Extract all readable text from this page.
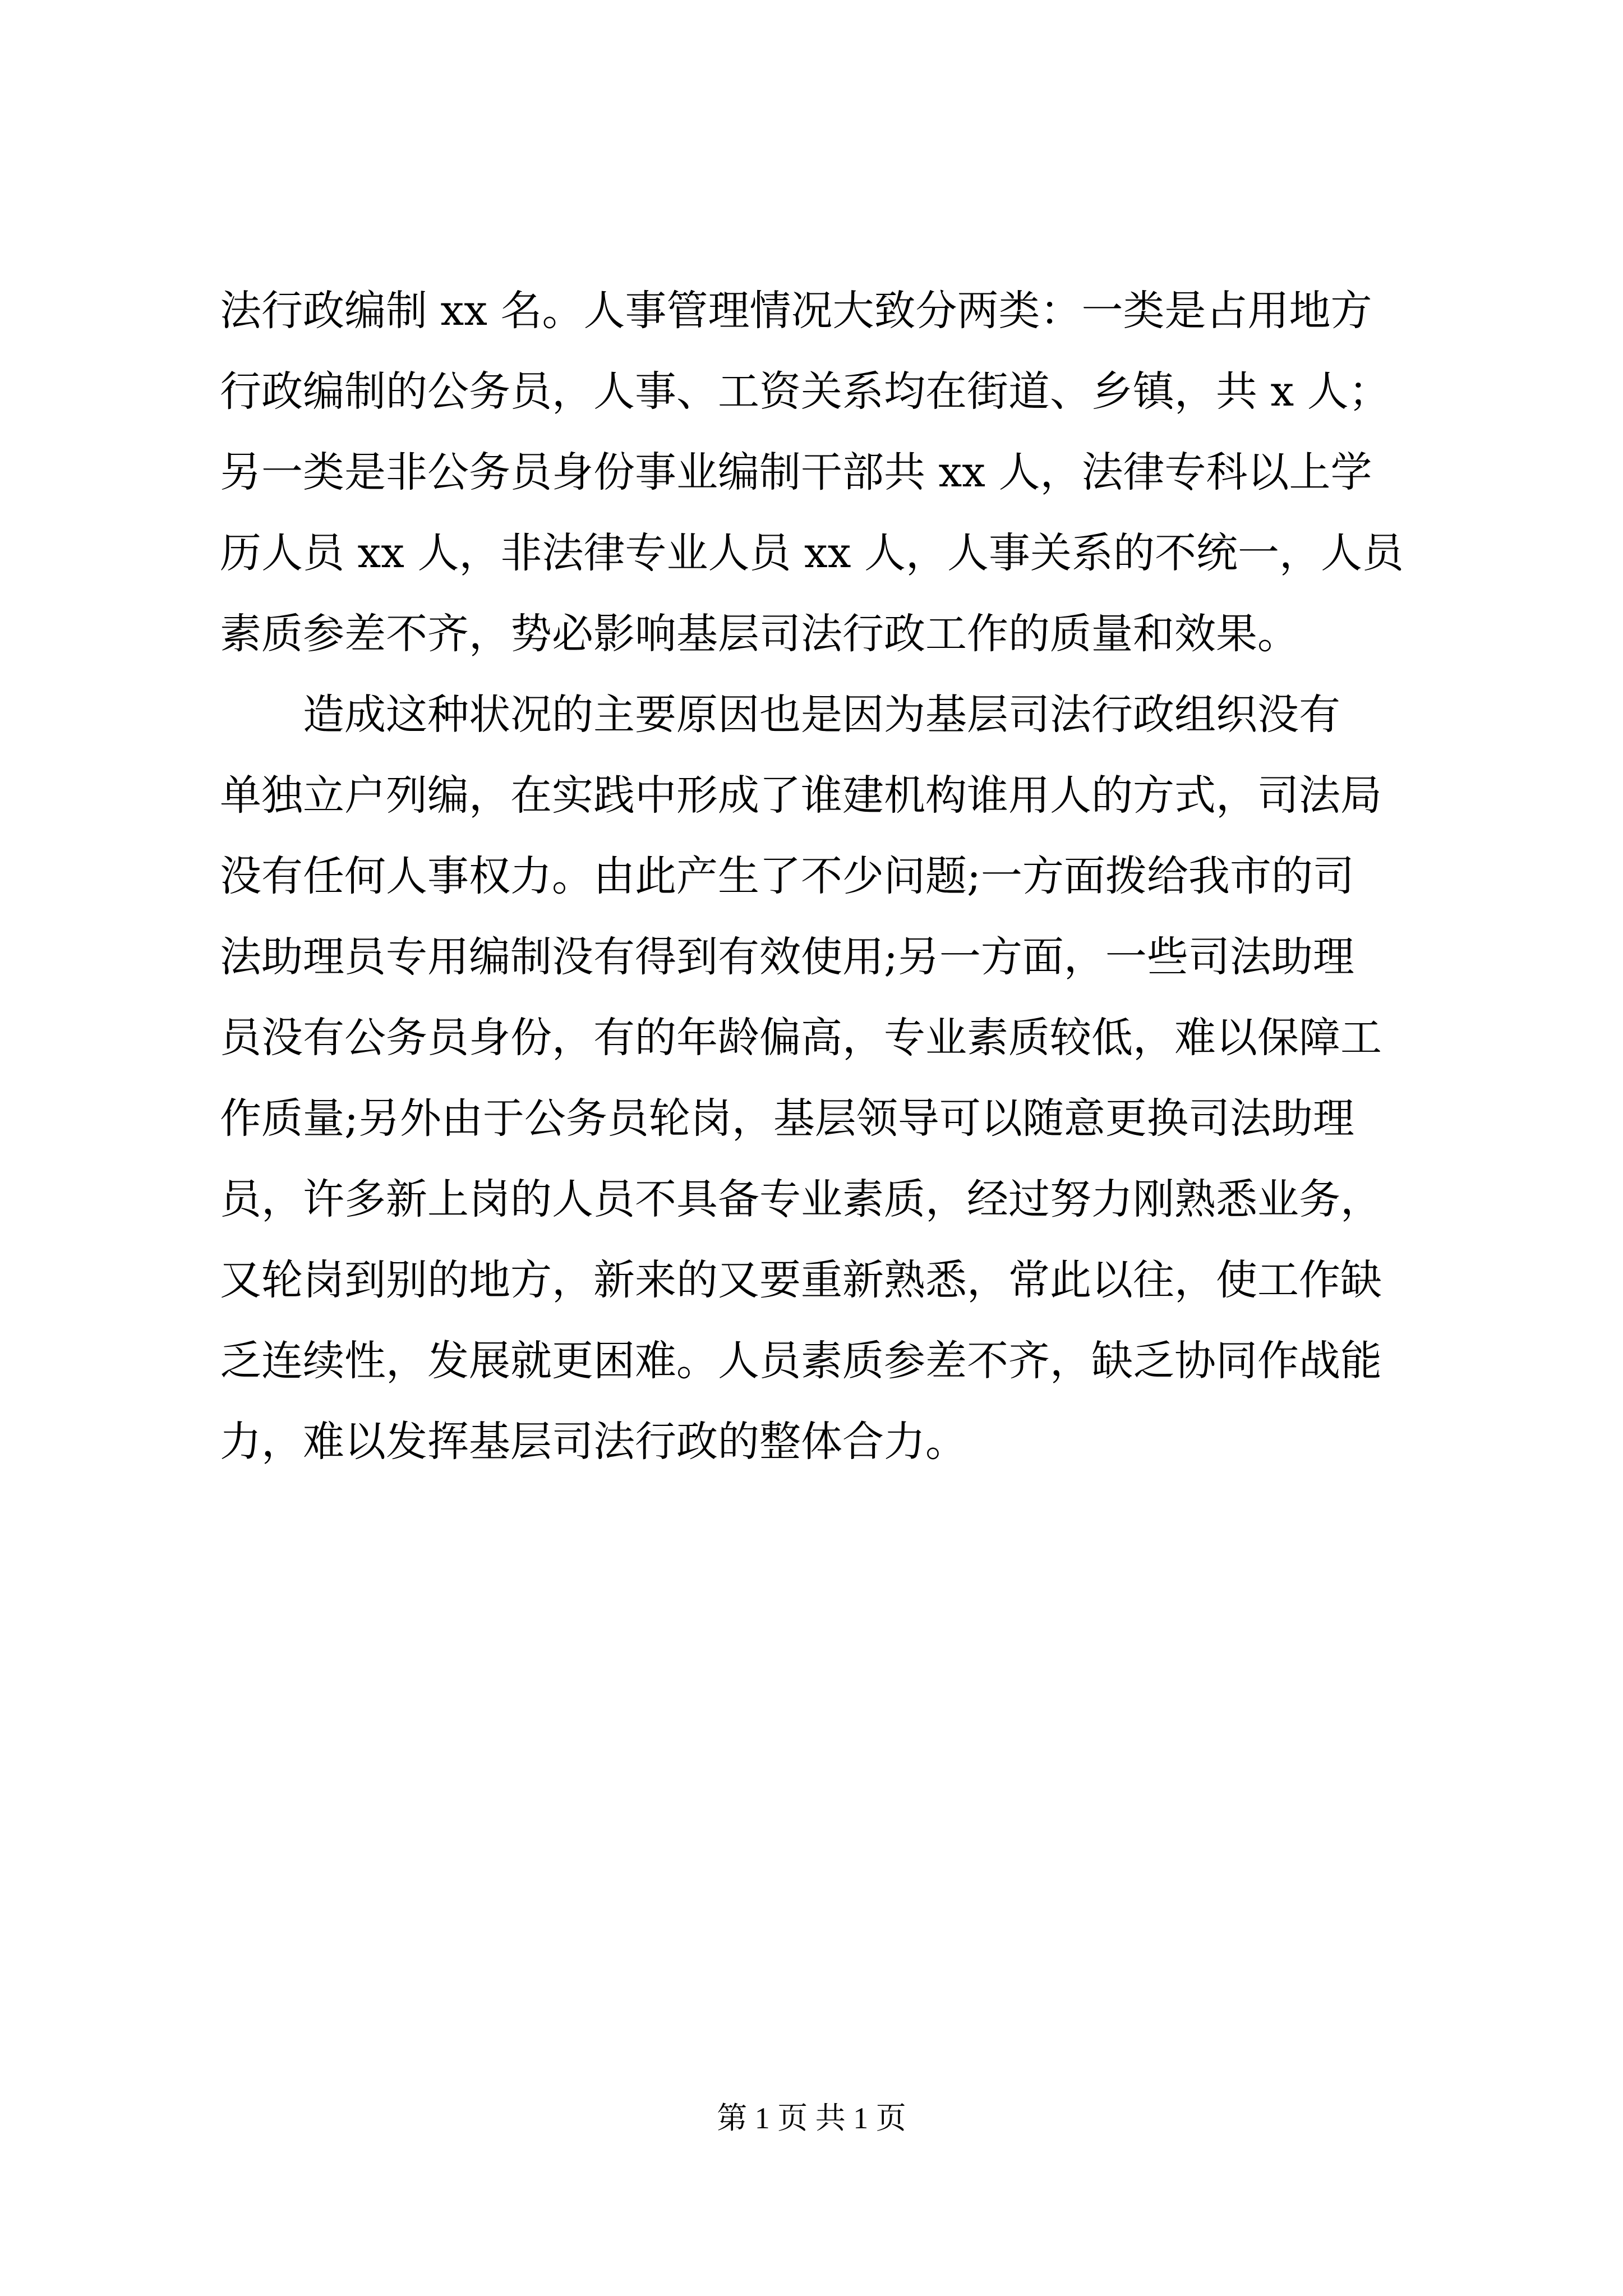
法行政编制 xx 名。人事管理情况大致分两类：一类是占用地方
行政编制的公务员，人事、工资关系均在街道、乡镇，共 x 人；
另一类是非公务员身份事业编制干部共 xx 人，法律专科以上学
历人员 xx 人，非法律专业人员 xx 人，人事关系的不统一，人员
素质参差不齐，势必影响基层司法行政工作的质量和效果。
　　造成这种状况的主要原因也是因为基层司法行政组织没有
单独立户列编，在实践中形成了谁建机构谁用人的方式，司法局
没有任何人事权力。由此产生了不少问题;一方面拨给我市的司
法助理员专用编制没有得到有效使用;另一方面，一些司法助理
员没有公务员身份，有的年龄偏高，专业素质较低，难以保障工
作质量;另外由于公务员轮岗，基层领导可以随意更换司法助理
员，许多新上岗的人员不具备专业素质，经过努力刚熟悉业务，
又轮岗到别的地方，新来的又要重新熟悉，常此以往，使工作缺
乏连续性，发展就更困难。人员素质参差不齐，缺乏协同作战能
力，难以发挥基层司法行政的整体合力。
第 1 页 共 1 页
